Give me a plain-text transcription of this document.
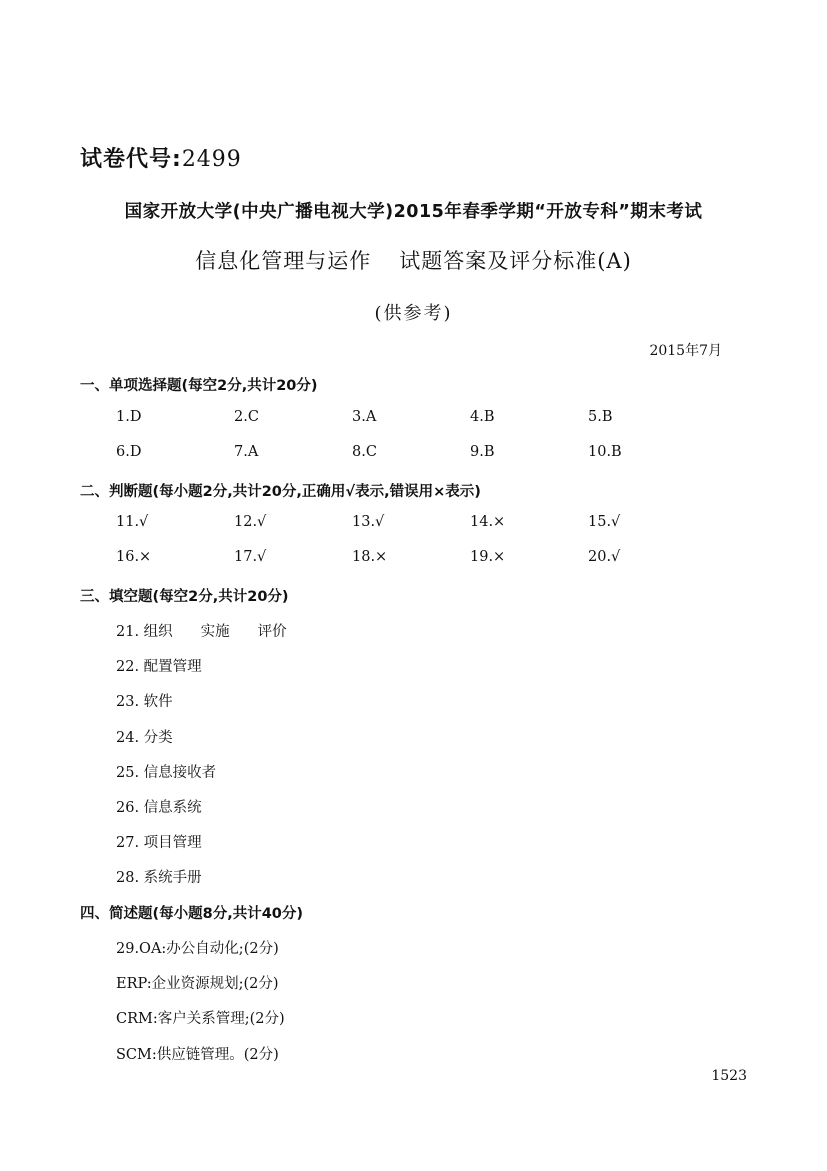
试卷代号:2499
国家开放大学(中央广播电视大学)2015年春季学期“开放专科”期末考试
信息化管理与运作 试题答案及评分标准(A)
(供参考)
2015年7月
一、单项选择题(每空2分,共计20分)
1.D	2.C	3.A	4.B	5.B
6.D	7.A	8.C	9.B	10.B
二、判断题(每小题2分,共计20分,正确用√表示,错误用×表示)
11.√	12.√	13.√	14.×	15.√
16.×	17.√	18.×	19.×	20.√
三、填空题(每空2分,共计20分)
21. 组织 实施 评价
22. 配置管理
23. 软件
24. 分类
25. 信息接收者
26. 信息系统
27. 项目管理
28. 系统手册
四、简述题(每小题8分,共计40分)
29.OA:办公自动化;(2分)
ERP:企业资源规划;(2分)
CRM:客户关系管理;(2分)
SCM:供应链管理。(2分)
1523
